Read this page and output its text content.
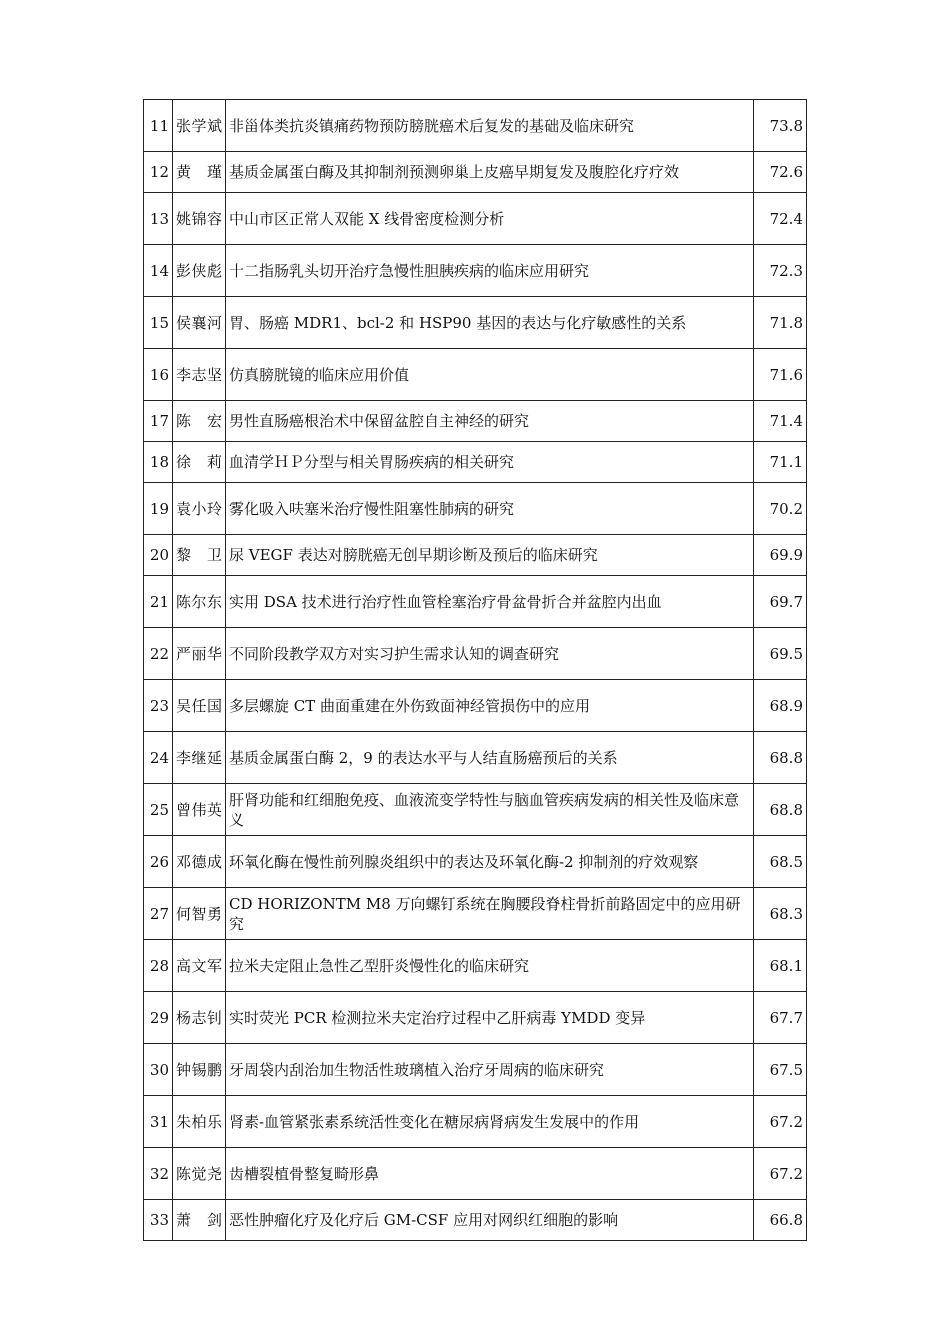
11	张学斌	非甾体类抗炎镇痛药物预防膀胱癌术后复发的基础及临床研究	73.8
12	黄瑾	基质金属蛋白酶及其抑制剂预测卵巢上皮癌早期复发及腹腔化疗疗效	72.6
13	姚锦容	中山市区正常人双能 X 线骨密度检测分析	72.4
14	彭侠彪	十二指肠乳头切开治疗急慢性胆胰疾病的临床应用研究	72.3
15	侯襄河	胃、肠癌 MDR1、bcl-2 和 HSP90 基因的表达与化疗敏感性的关系	71.8
16	李志坚	仿真膀胱镜的临床应用价值	71.6
17	陈宏	男性直肠癌根治术中保留盆腔自主神经的研究	71.4
18	徐莉	血清学ＨＰ分型与相关胃肠疾病的相关研究	71.1
19	袁小玲	雾化吸入呋塞米治疗慢性阻塞性肺病的研究	70.2
20	黎卫	尿 VEGF 表达对膀胱癌无创早期诊断及预后的临床研究	69.9
21	陈尔东	实用 DSA 技术进行治疗性血管栓塞治疗骨盆骨折合并盆腔内出血	69.7
22	严丽华	不同阶段教学双方对实习护生需求认知的调查研究	69.5
23	吴任国	多层螺旋 CT 曲面重建在外伤致面神经管损伤中的应用	68.9
24	李继延	基质金属蛋白酶 2，9 的表达水平与人结直肠癌预后的关系	68.8
25	曾伟英	肝肾功能和红细胞免疫、血液流变学特性与脑血管疾病发病的相关性及临床意义	68.8
26	邓德成	环氧化酶在慢性前列腺炎组织中的表达及环氧化酶-2 抑制剂的疗效观察	68.5
27	何智勇	CD HORIZONTM M8 万向螺钉系统在胸腰段脊柱骨折前路固定中的应用研究	68.3
28	高文军	拉米夫定阻止急性乙型肝炎慢性化的临床研究	68.1
29	杨志钊	实时荧光 PCR 检测拉米夫定治疗过程中乙肝病毒 YMDD 变异	67.7
30	钟锡鹏	牙周袋内刮治加生物活性玻璃植入治疗牙周病的临床研究	67.5
31	朱柏乐	肾素-血管紧张素系统活性变化在糖尿病肾病发生发展中的作用	67.2
32	陈觉尧	齿槽裂植骨整复畸形鼻	67.2
33	萧剑	恶性肿瘤化疗及化疗后 GM-CSF 应用对网织红细胞的影响	66.8
